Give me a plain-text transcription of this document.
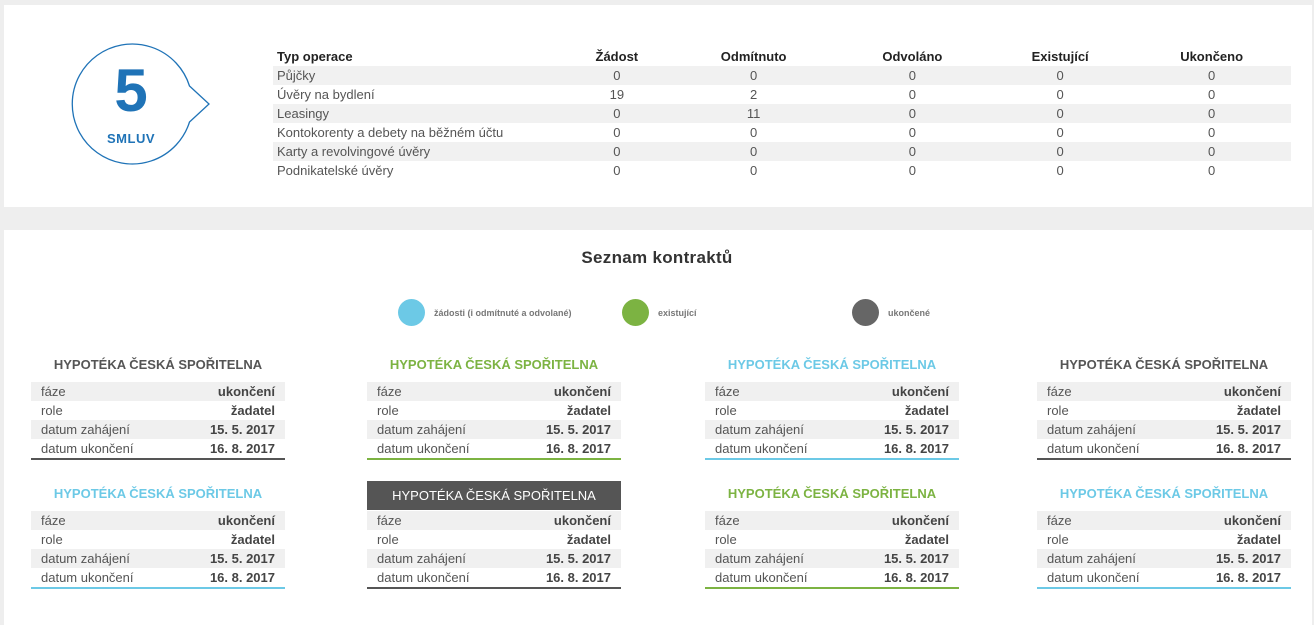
5
SMLUV
Typ operace	Žádost	Odmítnuto	Odvoláno	Existující	Ukončeno
Půjčky	0	0	0	0	0
Úvěry na bydlení	19	2	0	0	0
Leasingy	0	11	0	0	0
Kontokorenty a debety na běžném účtu	0	0	0	0	0
Karty a revolvingové úvěry	0	0	0	0	0
Podnikatelské úvěry	0	0	0	0	0
Seznam kontraktů
žádosti (i odmítnuté a odvolané)	existující	ukončené
HYPOTÉKA ČESKÁ SPOŘITELNA
fáze	ukončení
role	žadatel
datum zahájení	15. 5. 2017
datum ukončení	16. 8. 2017
HYPOTÉKA ČESKÁ SPOŘITELNA
fáze	ukončení
role	žadatel
datum zahájení	15. 5. 2017
datum ukončení	16. 8. 2017
HYPOTÉKA ČESKÁ SPOŘITELNA
fáze	ukončení
role	žadatel
datum zahájení	15. 5. 2017
datum ukončení	16. 8. 2017
HYPOTÉKA ČESKÁ SPOŘITELNA
fáze	ukončení
role	žadatel
datum zahájení	15. 5. 2017
datum ukončení	16. 8. 2017
HYPOTÉKA ČESKÁ SPOŘITELNA
fáze	ukončení
role	žadatel
datum zahájení	15. 5. 2017
datum ukončení	16. 8. 2017
HYPOTÉKA ČESKÁ SPOŘITELNA
fáze	ukončení
role	žadatel
datum zahájení	15. 5. 2017
datum ukončení	16. 8. 2017
HYPOTÉKA ČESKÁ SPOŘITELNA
fáze	ukončení
role	žadatel
datum zahájení	15. 5. 2017
datum ukončení	16. 8. 2017
HYPOTÉKA ČESKÁ SPOŘITELNA
fáze	ukončení
role	žadatel
datum zahájení	15. 5. 2017
datum ukončení	16. 8. 2017
